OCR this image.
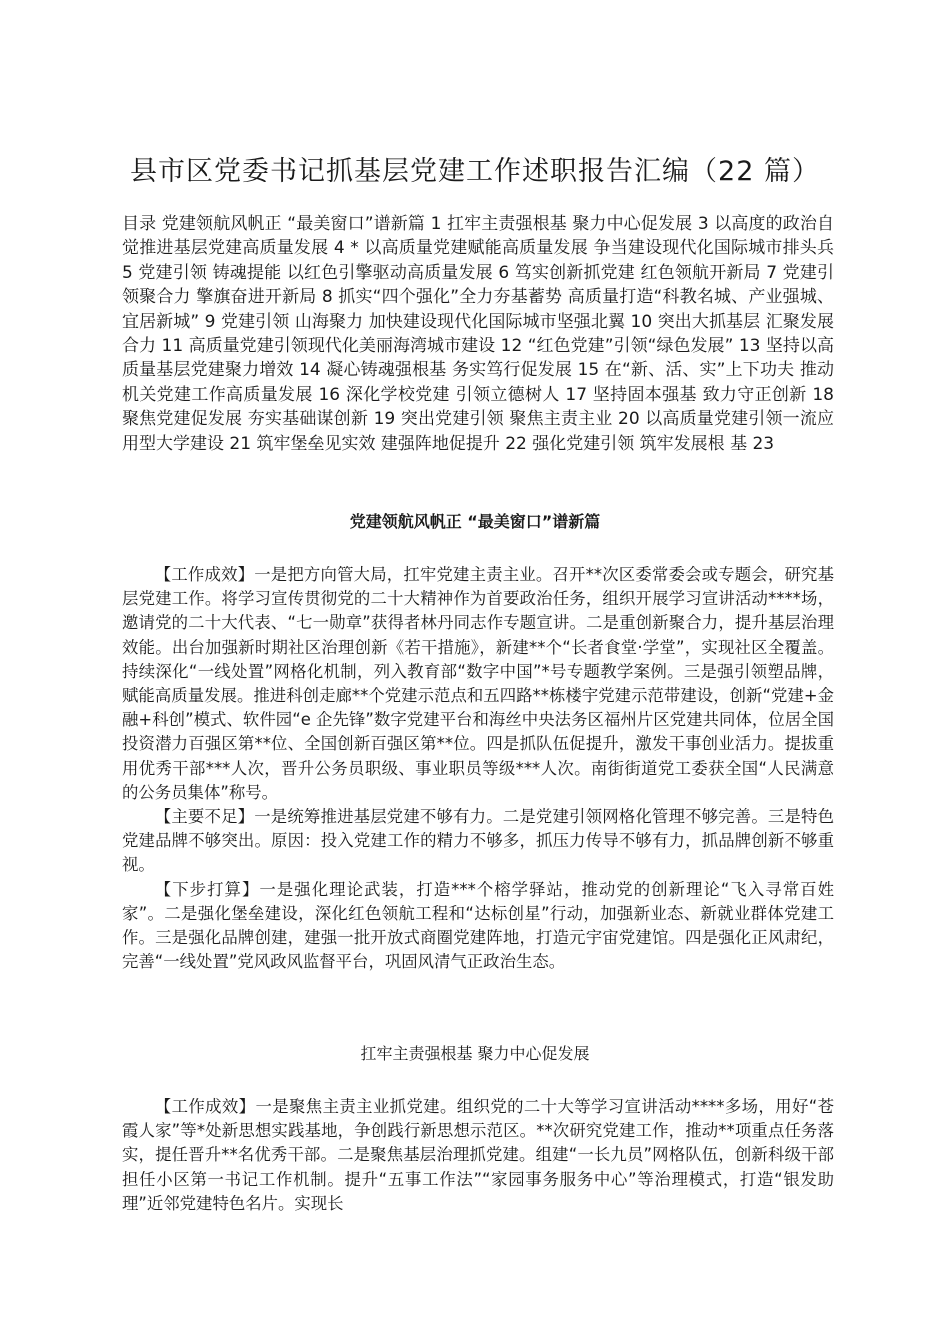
县市区党委书记抓基层党建工作述职报告汇编（22 篇）
目录 党建领航风帆正 “最美窗口”谱新篇 1 扛牢主责强根基 聚力中心促发展 3 以高度的政治自觉推进基层党建高质量发展 4 * 以高质量党建赋能高质量发展 争当建设现代化国际城市排头兵 5 党建引领 铸魂提能 以红色引擎驱动高质量发展 6 笃实创新抓党建 红色领航开新局 7 党建引领聚合力 擎旗奋进开新局 8 抓实“四个强化”全力夯基蓄势 高质量打造“科教名城、产业强城、宜居新城” 9 党建引领 山海聚力 加快建设现代化国际城市坚强北翼 10 突出大抓基层 汇聚发展合力 11 高质量党建引领现代化美丽海湾城市建设 12 “红色党建”引领“绿色发展” 13 坚持以高质量基层党建聚力增效 14 凝心铸魂强根基 务实笃行促发展 15 在“新、活、实”上下功夫 推动机关党建工作高质量发展 16 深化学校党建 引领立德树人 17 坚持固本强基 致力守正创新 18 聚焦党建促发展 夯实基础谋创新 19 突出党建引领 聚焦主责主业 20 以高质量党建引领一流应用型大学建设 21 筑牢堡垒见实效 建强阵地促提升 22 强化党建引领 筑牢发展根 基 23
党建领航风帆正 “最美窗口”谱新篇

【工作成效】一是把方向管大局，扛牢党建主责主业。召开**次区委常委会或专题会，研究基层党建工作。将学习宣传贯彻党的二十大精神作为首要政治任务，组织开展学习宣讲活动****场，邀请党的二十大代表、“七一勋章”获得者林丹同志作专题宣讲。二是重创新聚合力，提升基层治理效能。出台加强新时期社区治理创新《若干措施》，新建**个“长者食堂·学堂”，实现社区全覆盖。持续深化“一线处置”网格化机制，列入教育部“数字中国”*号专题教学案例。三是强引领塑品牌，赋能高质量发展。推进科创走廊**个党建示范点和五四路**栋楼宇党建示范带建设，创新“党建+金融+科创”模式、软件园“e 企先锋”数字党建平台和海丝中央法务区福州片区党建共同体，位居全国投资潜力百强区第**位、全国创新百强区第**位。四是抓队伍促提升，激发干事创业活力。提拔重用优秀干部***人次，晋升公务员职级、事业职员等级***人次。南街街道党工委获全国“人民满意的公务员集体”称号。

【主要不足】一是统筹推进基层党建不够有力。二是党建引领网格化管理不够完善。三是特色党建品牌不够突出。原因：投入党建工作的精力不够多，抓压力传导不够有力，抓品牌创新不够重视。

【下步打算】一是强化理论武装，打造***个榕学驿站，推动党的创新理论“飞入寻常百姓家”。二是强化堡垒建设，深化红色领航工程和“达标创星”行动，加强新业态、新就业群体党建工作。三是强化品牌创建，建强一批开放式商圈党建阵地，打造元宇宙党建馆。四是强化正风肃纪，完善“一线处置”党风政风监督平台，巩固风清气正政治生态。

扛牢主责强根基 聚力中心促发展

【工作成效】一是聚焦主责主业抓党建。组织党的二十大等学习宣讲活动****多场，用好“苍霞人家”等*处新思想实践基地，争创践行新思想示范区。**次研究党建工作，推动**项重点任务落实，提任晋升**名优秀干部。二是聚焦基层治理抓党建。组建“一长九员”网格队伍，创新科级干部担任小区第一书记工作机制。提升“五事工作法”“家园事务服务中心”等治理模式，打造“银发助理”近邻党建特色名片。实现长
